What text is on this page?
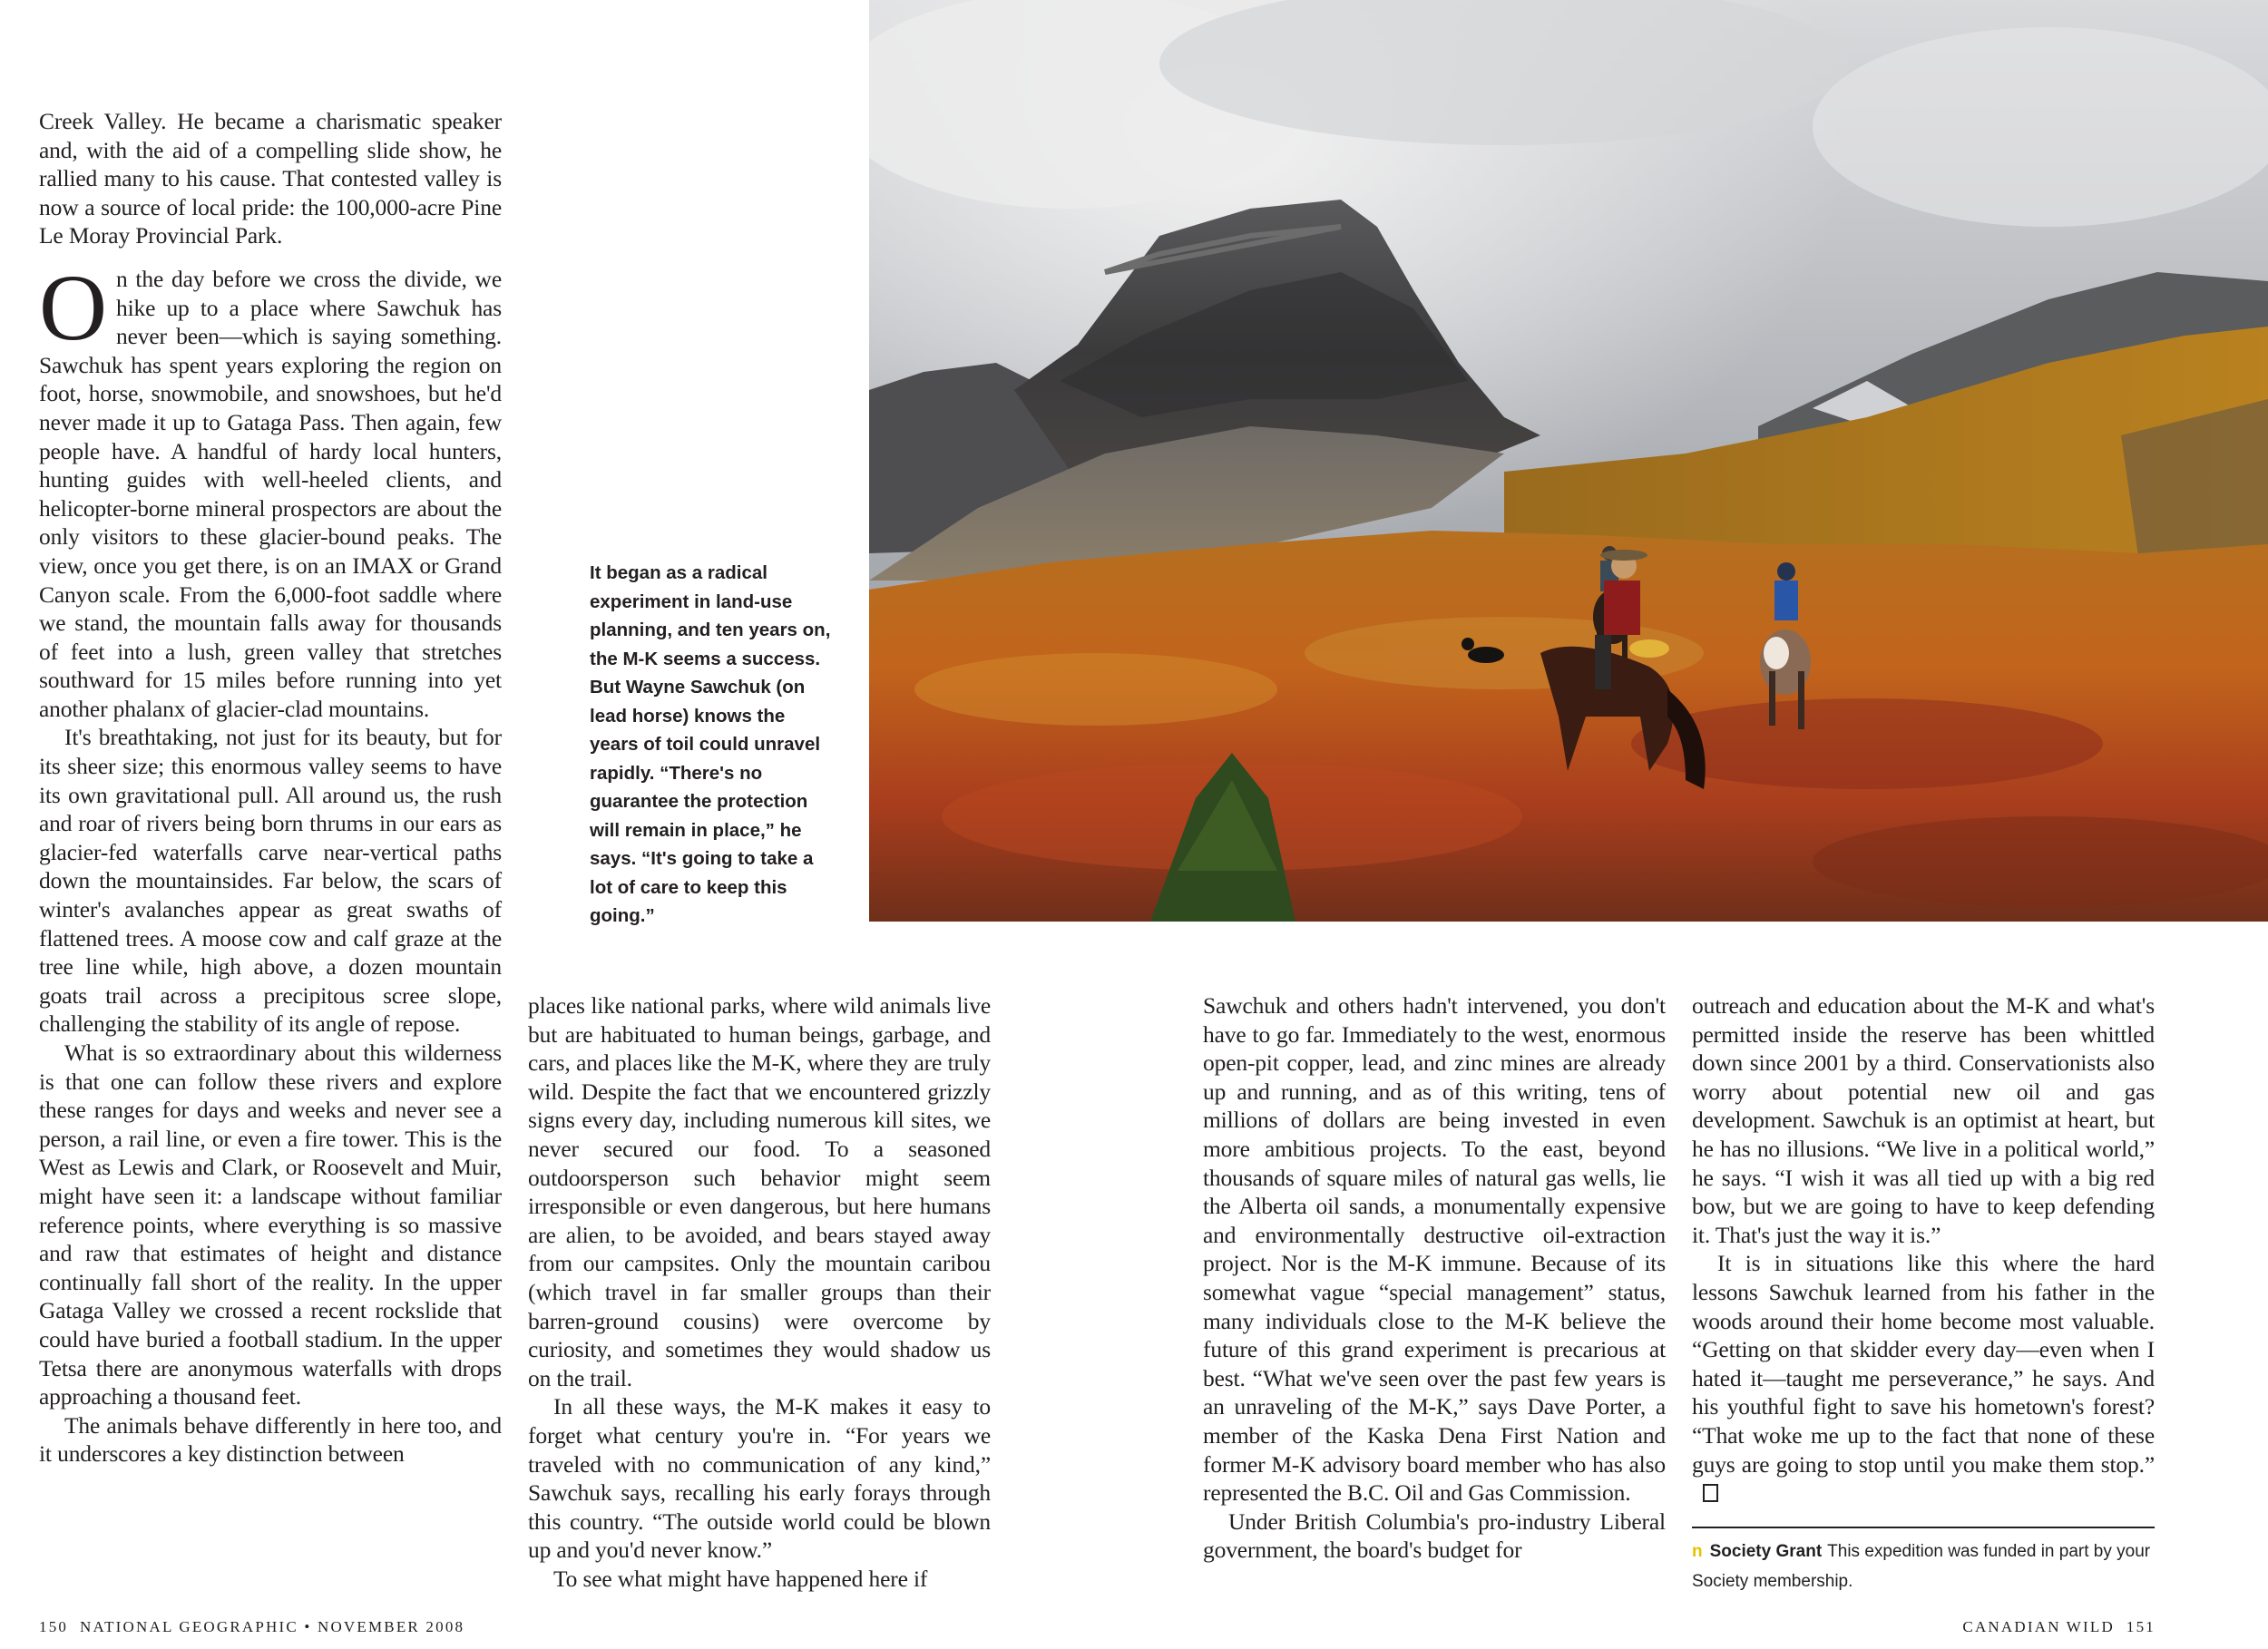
Creek Valley. He became a charismatic speaker and, with the aid of a compelling slide show, he rallied many to his cause. That contested valley is now a source of local pride: the 100,000-acre Pine Le Moray Provincial Park.

On the day before we cross the divide, we hike up to a place where Sawchuk has never been—which is saying something. Sawchuk has spent years exploring the region on foot, horse, snowmobile, and snowshoes, but he'd never made it up to Gataga Pass. Then again, few people have. A handful of hardy local hunters, hunting guides with well-heeled clients, and helicopter-borne mineral prospectors are about the only visitors to these glacier-bound peaks. The view, once you get there, is on an IMAX or Grand Canyon scale. From the 6,000-foot saddle where we stand, the mountain falls away for thousands of feet into a lush, green valley that stretches southward for 15 miles before running into yet another phalanx of glacier-clad mountains.

It's breathtaking, not just for its beauty, but for its sheer size; this enormous valley seems to have its own gravitational pull. All around us, the rush and roar of rivers being born thrums in our ears as glacier-fed waterfalls carve near-vertical paths down the mountainsides. Far below, the scars of winter's avalanches appear as great swaths of flattened trees. A moose cow and calf graze at the tree line while, high above, a dozen mountain goats trail across a precipitous scree slope, challenging the stability of its angle of repose.

What is so extraordinary about this wilderness is that one can follow these rivers and explore these ranges for days and weeks and never see a person, a rail line, or even a fire tower. This is the West as Lewis and Clark, or Roosevelt and Muir, might have seen it: a landscape without familiar reference points, where everything is so massive and raw that estimates of height and distance continually fall short of the reality. In the upper Gataga Valley we crossed a recent rockslide that could have buried a football stadium. In the upper Tetsa there are anonymous waterfalls with drops approaching a thousand feet.

The animals behave differently in here too, and it underscores a key distinction between

It began as a radical experiment in land-use planning, and ten years on, the M-K seems a success. But Wayne Sawchuk (on lead horse) knows the years of toil could unravel rapidly. “There's no guarantee the protection will remain in place,” he says. “It's going to take a lot of care to keep this going.”

places like national parks, where wild animals live but are habituated to human beings, garbage, and cars, and places like the M-K, where they are truly wild. Despite the fact that we encountered grizzly signs every day, including numerous kill sites, we never secured our food. To a seasoned outdoorsperson such behavior might seem irresponsible or even dangerous, but here humans are alien, to be avoided, and bears stayed away from our campsites. Only the mountain caribou (which travel in far smaller groups than their barren-ground cousins) were overcome by curiosity, and sometimes they would shadow us on the trail.

In all these ways, the M-K makes it easy to forget what century you're in. “For years we traveled with no communication of any kind,” Sawchuk says, recalling his early forays through this country. “The outside world could be blown up and you'd never know.”

To see what might have happened here if

Sawchuk and others hadn't intervened, you don't have to go far. Immediately to the west, enormous open-pit copper, lead, and zinc mines are already up and running, and as of this writing, tens of millions of dollars are being invested in even more ambitious projects. To the east, beyond thousands of square miles of natural gas wells, lie the Alberta oil sands, a monumentally expensive and environmentally destructive oil-extraction project. Nor is the M-K immune. Because of its somewhat vague “special management” status, many individuals close to the M-K believe the future of this grand experiment is precarious at best. “What we've seen over the past few years is an unraveling of the M-K,” says Dave Porter, a member of the Kaska Dena First Nation and former M-K advisory board member who has also represented the B.C. Oil and Gas Commission.

Under British Columbia's pro-industry Liberal government, the board's budget for

outreach and education about the M-K and what's permitted inside the reserve has been whittled down since 2001 by a third. Conservationists also worry about potential new oil and gas development. Sawchuk is an optimist at heart, but he has no illusions. “We live in a political world,” he says. “I wish it was all tied up with a big red bow, but we are going to have to keep defending it. That's just the way it is.”

It is in situations like this where the hard lessons Sawchuk learned from his father in the woods around their home become most valuable. “Getting on that skidder every day—even when I hated it—taught me perseverance,” he says. And his youthful fight to save his hometown's forest? “That woke me up to the fact that none of these guys are going to stop until you make them stop.”

n Society Grant This expedition was funded in part by your Society membership.
150 NATIONAL GEOGRAPHIC • NOVEMBER 2008	CANADIAN WILD 151
